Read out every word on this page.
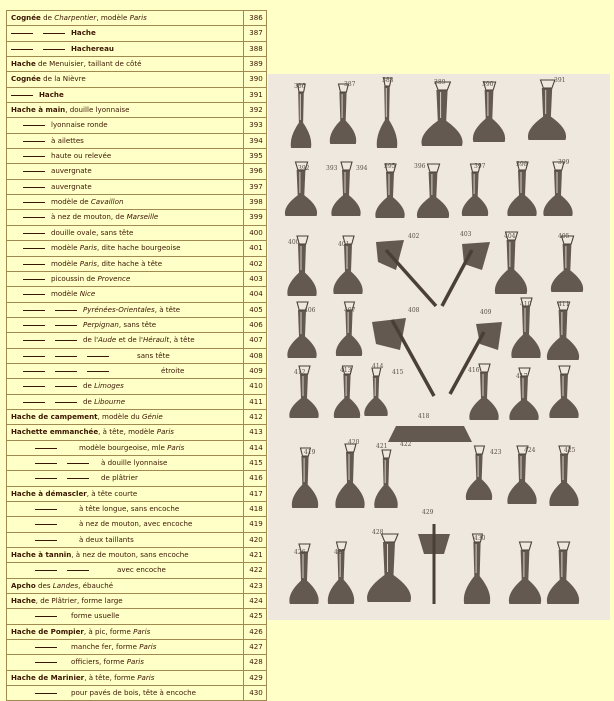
Cognée de Charpentier, modèle Paris	386
Hache	387
Hachereau	388
Hache de Menuisier, taillant de côté	389
Cognée de la Nièvre	390
Hache	391
Hache à main, douille lyonnaise	392
lyonnaise ronde	393
à ailettes	394
haute ou relevée	395
auvergnate	396
auvergnate	397
modèle de Cavaillon	398
à nez de mouton, de Marseille	399
douille ovale, sans tête	400
modèle Paris, dite hache bourgeoise	401
modèle Paris, dite hache à tête	402
picoussin de Provence	403
modèle Nice	404
Pyrénées-Orientales, à tête	405
Perpignan, sans tête	406
de l'Aude et de l'Hérault, à tête	407
sans tête	408
étroite	409
de Limoges	410
de Libourne	411
Hache de campement, modèle du Génie	412
Hachette emmanchée, à tête, modèle Paris	413
modèle bourgeoise, mle Paris	414
à douille lyonnaise	415
de plâtrier	416
Hache à démascler, à tête courte	417
à tête longue, sans encoche	418
à nez de mouton, avec encoche	419
à deux taillants	420
Hache à tannin, à nez de mouton, sans encoche	421
avec encoche	422
Apcho des Landes, ébauché	423
Hache, de Plâtrier, forme large	424
forme usuelle	425
Hache de Pompier, à pic, forme Paris	426
manche fer, forme Paris	427
officiers, forme Paris	428
Hache de Marinier, à tête, forme Paris	429
pour pavés de bois, tête à encoche	430
386	387
388	389	390
391
392	393	394	395	396	397	398	399
400	401
402	403	404	405
406	407	408	409
410	411
412	413
414
415	416
417
418
419
420
421 422
423	424	425
426	427
428
429
430
